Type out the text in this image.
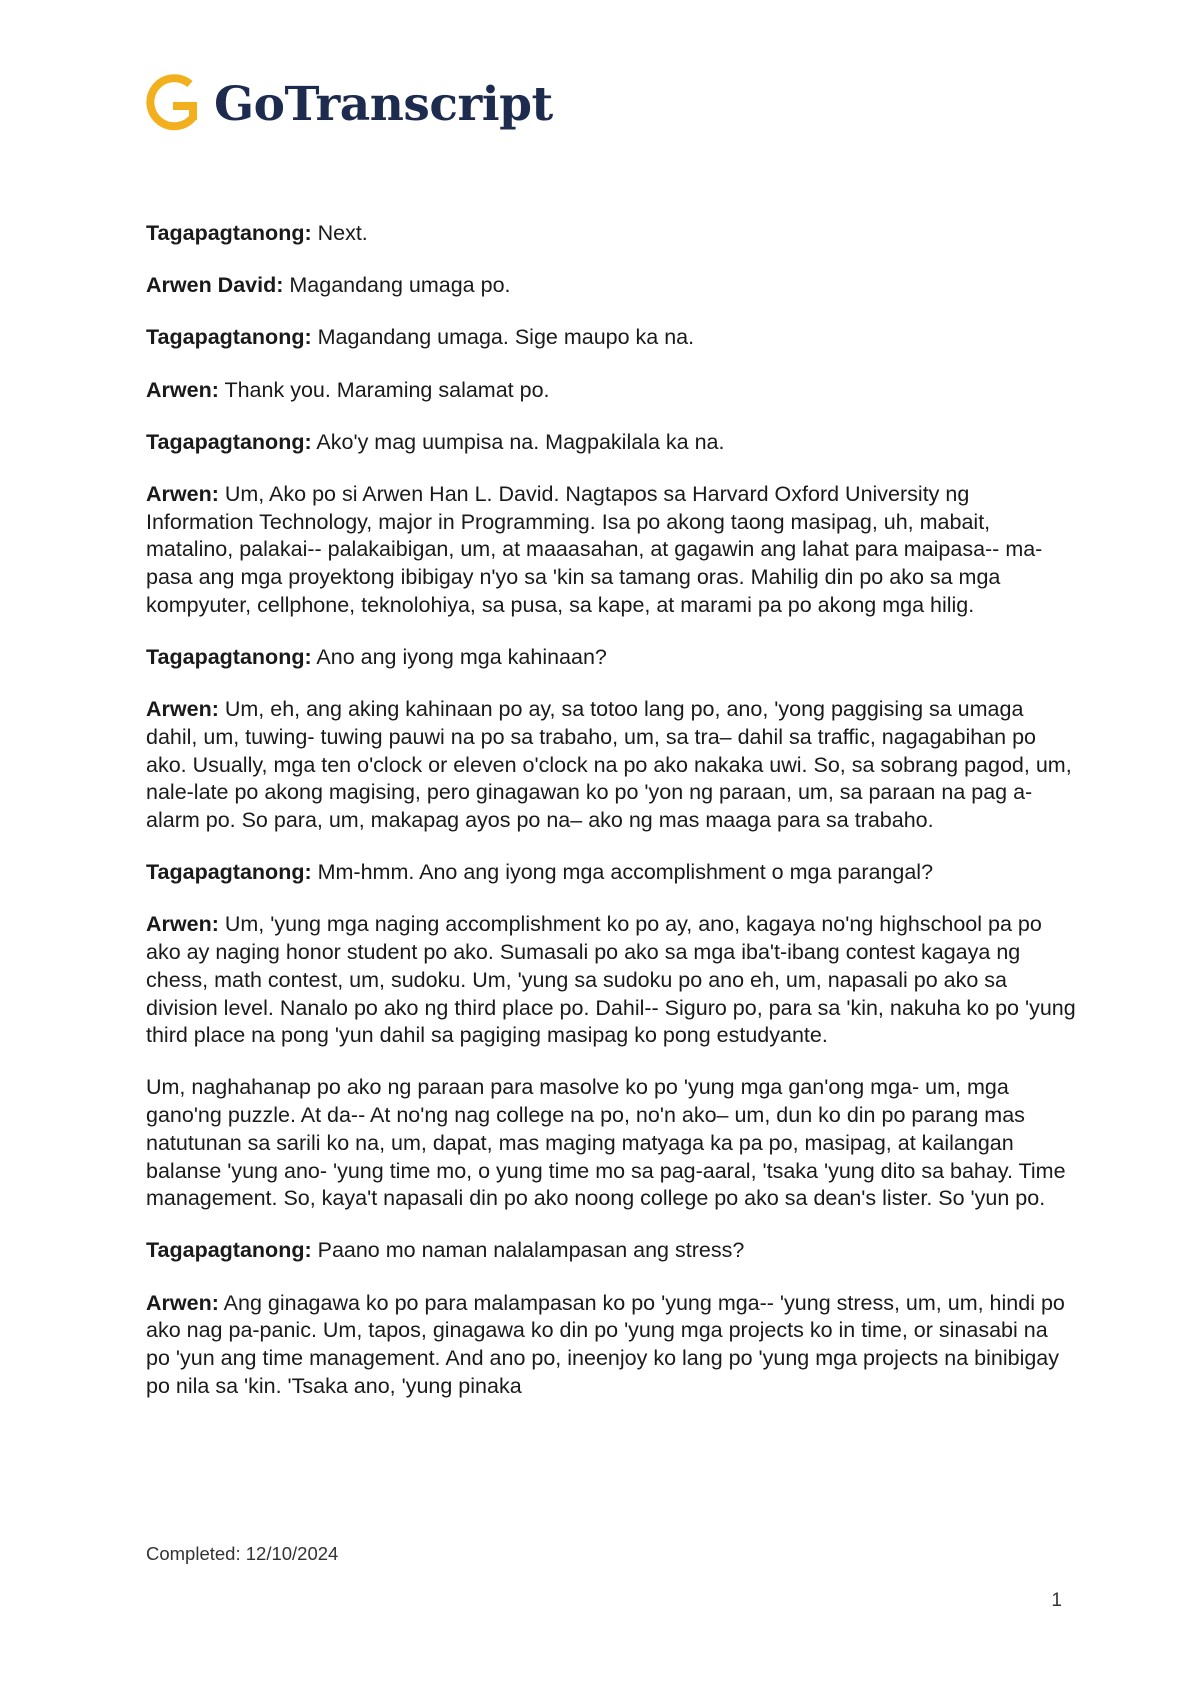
GoTranscript

Tagapagtanong: Next.

Arwen David: Magandang umaga po.

Tagapagtanong: Magandang umaga. Sige maupo ka na.

Arwen: Thank you. Maraming salamat po.

Tagapagtanong: Ako'y mag uumpisa na. Magpakilala ka na.

Arwen: Um, Ako po si Arwen Han L. David. Nagtapos sa Harvard Oxford University ng Information Technology, major in Programming. Isa po akong taong masipag, uh, mabait, matalino, palakai-- palakaibigan, um, at maaasahan, at gagawin ang lahat para maipasa-- ma-pasa ang mga proyektong ibibigay n'yo sa 'kin sa tamang oras. Mahilig din po ako sa mga kompyuter, cellphone, teknolohiya, sa pusa, sa kape, at marami pa po akong mga hilig.

Tagapagtanong: Ano ang iyong mga kahinaan?

Arwen: Um, eh, ang aking kahinaan po ay, sa totoo lang po, ano, 'yong paggising sa umaga dahil, um, tuwing- tuwing pauwi na po sa trabaho, um, sa tra– dahil sa traffic, nagagabihan po ako. Usually, mga ten o'clock or eleven o'clock na po ako nakaka uwi. So, sa sobrang pagod, um, nale-late po akong magising, pero ginagawan ko po 'yon ng paraan, um, sa paraan na pag a-alarm po. So para, um, makapag ayos po na– ako ng mas maaga para sa trabaho.

Tagapagtanong: Mm-hmm. Ano ang iyong mga accomplishment o mga parangal?

Arwen: Um, 'yung mga naging accomplishment ko po ay, ano, kagaya no'ng highschool pa po ako ay naging honor student po ako. Sumasali po ako sa mga iba't-ibang contest kagaya ng chess, math contest, um, sudoku. Um, 'yung sa sudoku po ano eh, um, napasali po ako sa division level. Nanalo po ako ng third place po. Dahil-- Siguro po, para sa 'kin, nakuha ko po 'yung third place na pong 'yun dahil sa pagiging masipag ko pong estudyante.

Um, naghahanap po ako ng paraan para masolve ko po 'yung mga gan'ong mga- um, mga gano'ng puzzle. At da-- At no'ng nag college na po, no'n ako– um, dun ko din po parang mas natutunan sa sarili ko na, um, dapat, mas maging matyaga ka pa po, masipag, at kailangan balanse 'yung ano- 'yung time mo, o yung time mo sa pag-aaral, 'tsaka 'yung dito sa bahay. Time management. So, kaya't napasali din po ako noong college po ako sa dean's lister. So 'yun po.

Tagapagtanong: Paano mo naman nalalampasan ang stress?

Arwen: Ang ginagawa ko po para malampasan ko po 'yung mga-- 'yung stress, um, um, hindi po ako nag pa-panic. Um, tapos, ginagawa ko din po 'yung mga projects ko in time, or sinasabi na po 'yun ang time management. And ano po, ineenjoy ko lang po 'yung mga projects na binibigay po nila sa 'kin. 'Tsaka ano, 'yung pinaka

Completed: 12/10/2024
1
